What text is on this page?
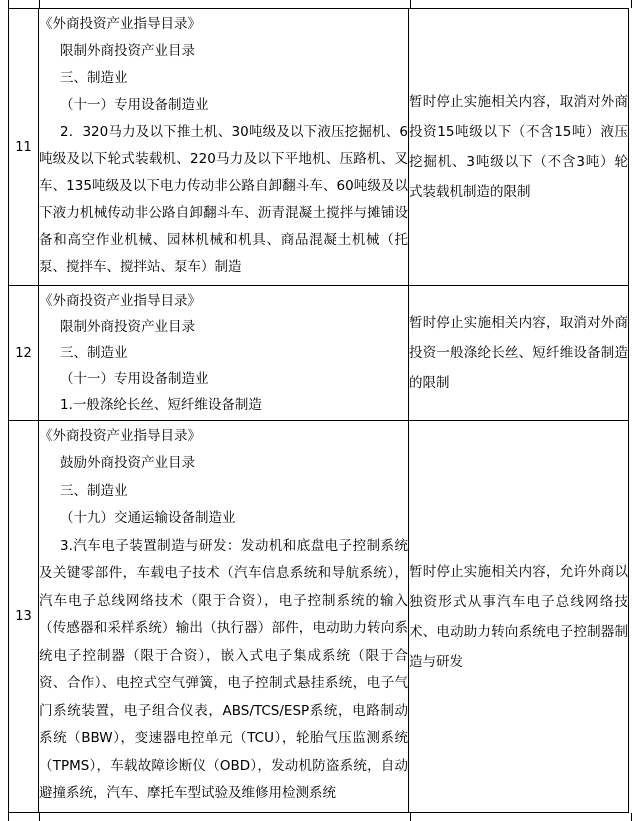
11	《外商投资产业指导目录》

限制外商投资产业目录

三、制造业

（十一）专用设备制造业

2．320马力及以下推土机、30吨级及以下液压挖掘机、6吨级及以下轮式装载机、220马力及以下平地机、压路机、叉车、135吨级及以下电力传动非公路自卸翻斗车、60吨级及以下液力机械传动非公路自卸翻斗车、沥青混凝土搅拌与摊铺设备和高空作业机械、园林机械和机具、商品混凝土机械（托泵、搅拌车、搅拌站、泵车）制造	暂时停止实施相关内容，取消对外商投资15吨级以下（不含15吨）液压挖掘机、3吨级以下（不含3吨）轮式装载机制造的限制

12	《外商投资产业指导目录》

限制外商投资产业目录

三、制造业

（十一）专用设备制造业

1.一般涤纶长丝、短纤维设备制造	暂时停止实施相关内容，取消对外商投资一般涤纶长丝、短纤维设备制造的限制

13	《外商投资产业指导目录》

鼓励外商投资产业目录

三、制造业

（十九）交通运输设备制造业

3.汽车电子装置制造与研发：发动机和底盘电子控制系统及关键零部件，车载电子技术（汽车信息系统和导航系统），汽车电子总线网络技术（限于合资），电子控制系统的输入（传感器和采样系统）输出（执行器）部件，电动助力转向系统电子控制器（限于合资），嵌入式电子集成系统（限于合资、合作）、电控式空气弹簧，电子控制式悬挂系统，电子气门系统装置，电子组合仪表，ABS/TCS/ESP系统，电路制动系统（BBW），变速器电控单元（TCU），轮胎气压监测系统（TPMS），车载故障诊断仪（OBD），发动机防盗系统，自动避撞系统，汽车、摩托车型试验及维修用检测系统	暂时停止实施相关内容，允许外商以独资形式从事汽车电子总线网络技术、电动助力转向系统电子控制器制造与研发
